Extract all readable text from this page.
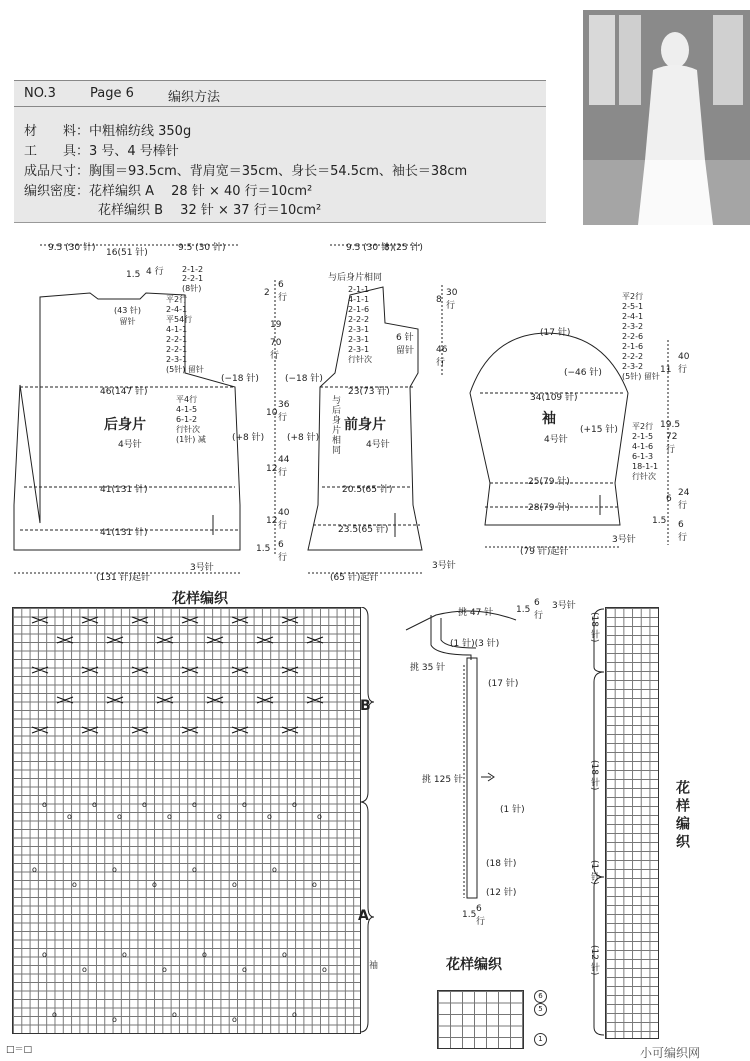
NO.3	Page 6	编织方法
材　　料：中粗棉纺线 350g
工　　具：3 号、4 号棒针
成品尺寸：胸围＝93.5cm、背肩宽＝35cm、身长＝54.5cm、袖长＝38cm
编织密度：花样编织 A　 28 针 × 40 行＝10cm²
花样编织 B　 32 针 × 37 行＝10cm²
9.5 (30 针) 16(51 针)	9.5 (30 针)
1.5 4 行 2-1-2
2-2-1
(8针)
(43 针)
留针
平2行
2-4-1
平54行
4-1-1
2-2-1
2-2-1
2-3-1
(5针) 留针
46(147 针)
(−18 针)
平4行
4-1-5
6-1-2
行针次
(1针) 减
后身片
4号针
(+8 针)
41(131 针)
41(131 针)
3号针
(131 针)起针
2
6
行
19
70
行
10
36
行
12
44
行
12
40
行
1.5 6
行
9.5 (30 针)
8 (25 针)
与后身片相同
2-1-1
4-1-1
2-1-6
2-2-2
2-3-1
2-3-1
2-3-1
行针次
6 针
留针
(−18 针)
23(73 针)
与
后
身
片
相
同
前身片
4号针
(+8 针)
20.5(65 针)
23.5(65 针)
3号针
(65 针)起针
8
30
行
46
行
(17 针)
平2行
2-5-1
2-4-1
2-3-2
2-2-6
2-1-6
2-2-2
2-3-2
(5针) 留针
(−46 针)
34(109 针)
袖
4号针
(+15 针) 平2行
2-1-5
4-1-6
6-1-3
18-1-1
行针次
25(79 针)
28(79 针)
3号针
(79 针)起针
11
40
行
19.5
72
行
6
24
行
1.5 6
行
花样编织
o
o
o
o
o
o
o
o
o
o
o
o
o
o
o
o
o
o
o
o
o
o
o
o
o
o
o
o
o
o
o
o
o
B
A
袖
□＝□
挑 47 针	1.5
6
行
3号针
(1 针)(3 针)
挑 35 针
(17 针)
挑 125 针
(1 针)
(18 针)
(12 针)
1.5
6
行
花样编织
6
5
1
(18 针)
(18 针)
(1 针)
(12 针)
花样编织
小可编织网
